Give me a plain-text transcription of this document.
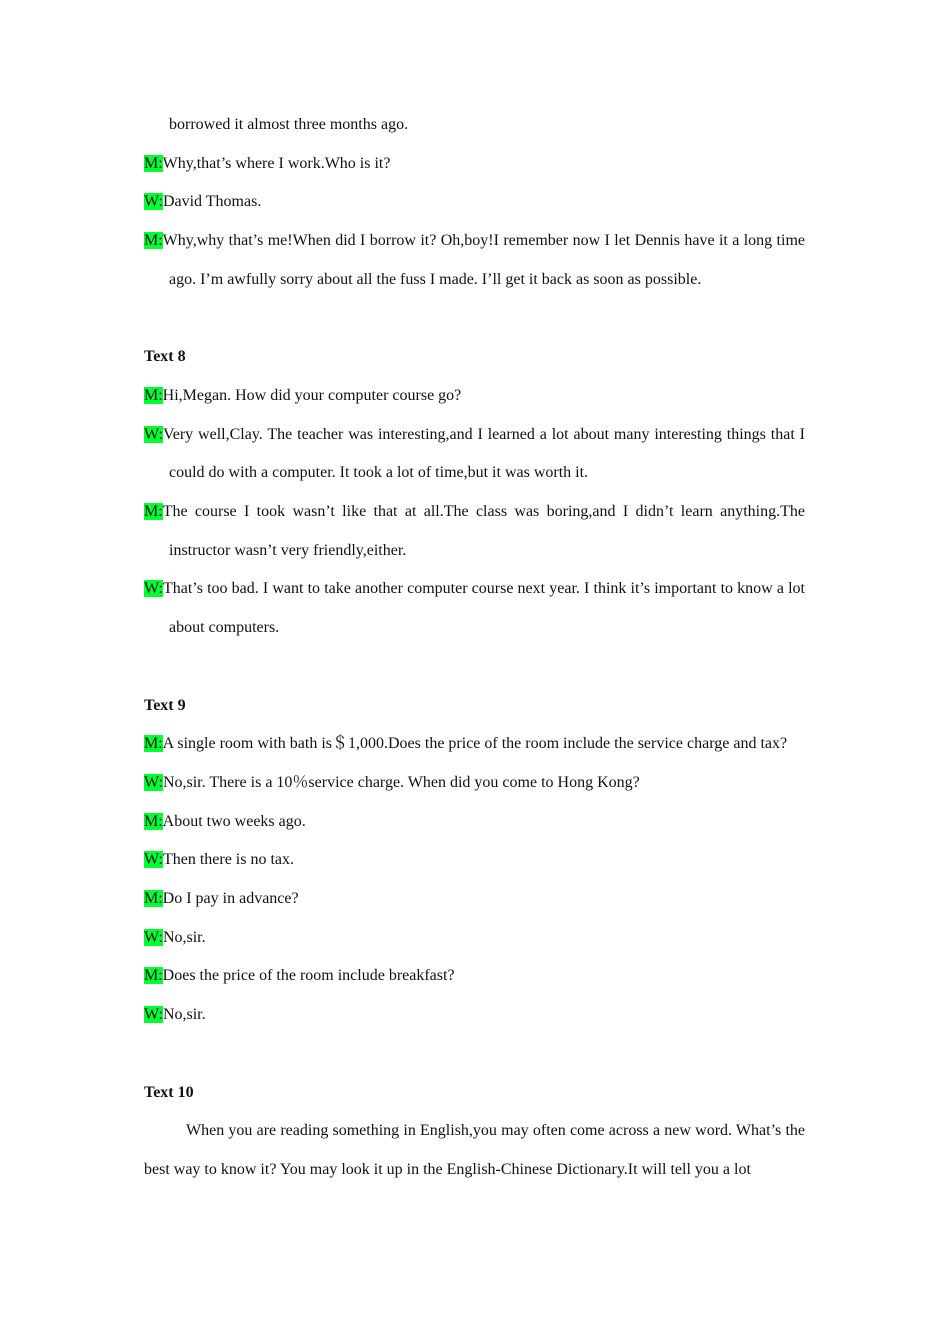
borrowed it almost three months ago.

M:Why,that’s where I work.Who is it?

W:David Thomas.

M:Why,why that’s me!When did I borrow it? Oh,boy!I remember now I let Dennis have it a long time ago. I’m awfully sorry about all the fuss I made. I’ll get it back as soon as possible.

Text 8

M:Hi,Megan. How did your computer course go?

W:Very well,Clay. The teacher was interesting,and I learned a lot about many interesting things that I could do with a computer. It took a lot of time,but it was worth it.

M:The course I took wasn’t like that at all.The class was boring,and I didn’t learn anything.The instructor wasn’t very friendly,either.

W:That’s too bad. I want to take another computer course next year. I think it’s important to know a lot about computers.

Text 9

M:A single room with bath is＄1,000.Does the price of the room include the service charge and tax?

W:No,sir. There is a 10％service charge. When did you come to Hong Kong?

M:About two weeks ago.

W:Then there is no tax.

M:Do I pay in advance?

W:No,sir.

M:Does the price of the room include breakfast?

W:No,sir.

Text 10

When you are reading something in English,you may often come across a new word. What’s the best way to know it? You may look it up in the English-Chinese Dictionary.It will tell you a lot
